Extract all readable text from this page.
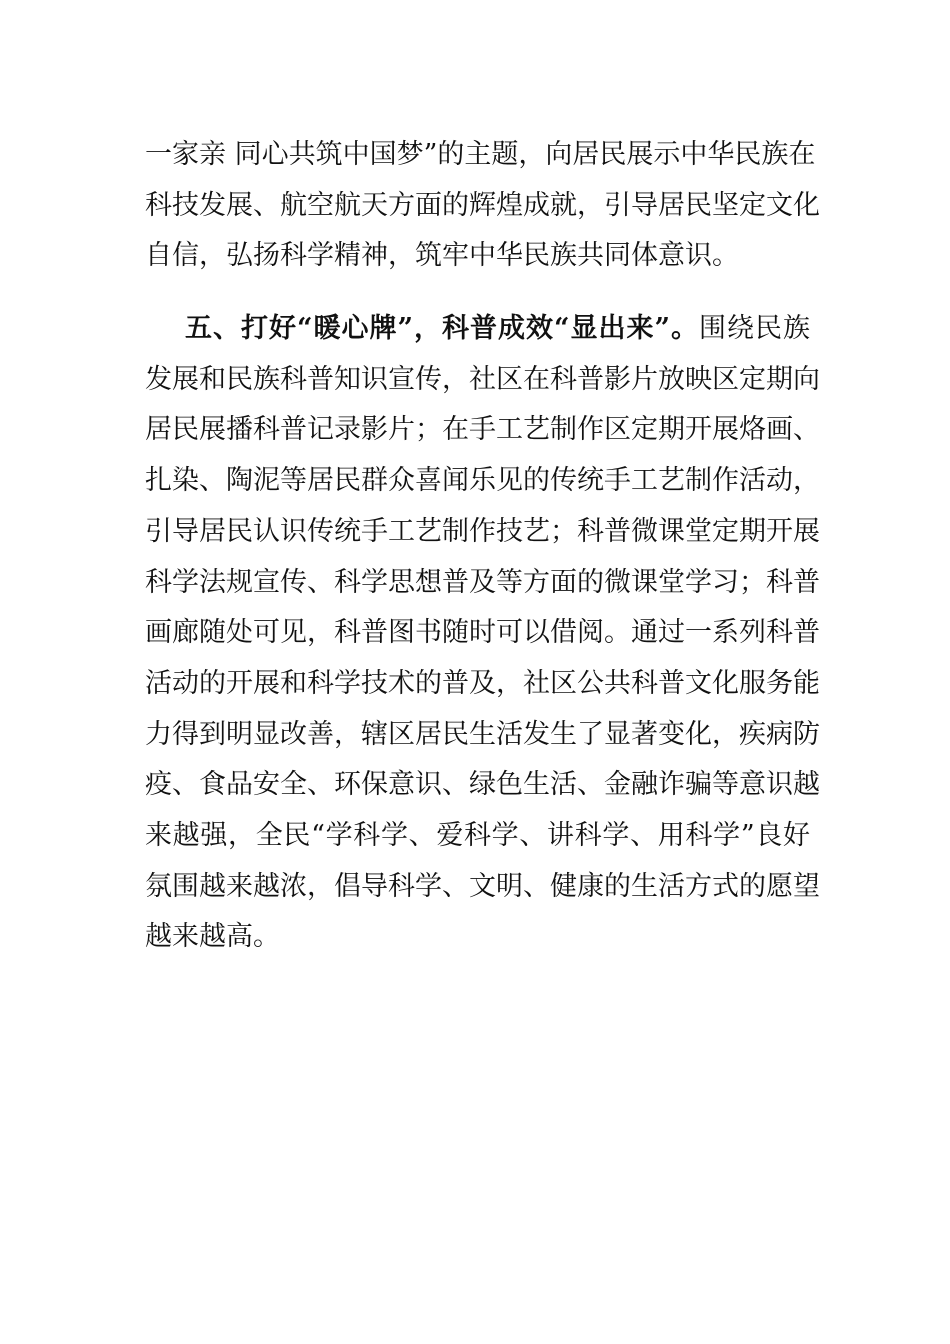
一家亲 同心共筑中国梦”的主题，向居民展示中华民族在
科技发展、航空航天方面的辉煌成就，引导居民坚定文化
自信，弘扬科学精神，筑牢中华民族共同体意识。
五、打好“暖心牌”，科普成效“显出来”。围绕民族
发展和民族科普知识宣传，社区在科普影片放映区定期向
居民展播科普记录影片；在手工艺制作区定期开展烙画、
扎染、陶泥等居民群众喜闻乐见的传统手工艺制作活动，
引导居民认识传统手工艺制作技艺；科普微课堂定期开展
科学法规宣传、科学思想普及等方面的微课堂学习；科普
画廊随处可见，科普图书随时可以借阅。通过一系列科普
活动的开展和科学技术的普及，社区公共科普文化服务能
力得到明显改善，辖区居民生活发生了显著变化，疾病防
疫、食品安全、环保意识、绿色生活、金融诈骗等意识越
来越强，全民“学科学、爱科学、讲科学、用科学”良好
氛围越来越浓，倡导科学、文明、健康的生活方式的愿望
越来越高。
